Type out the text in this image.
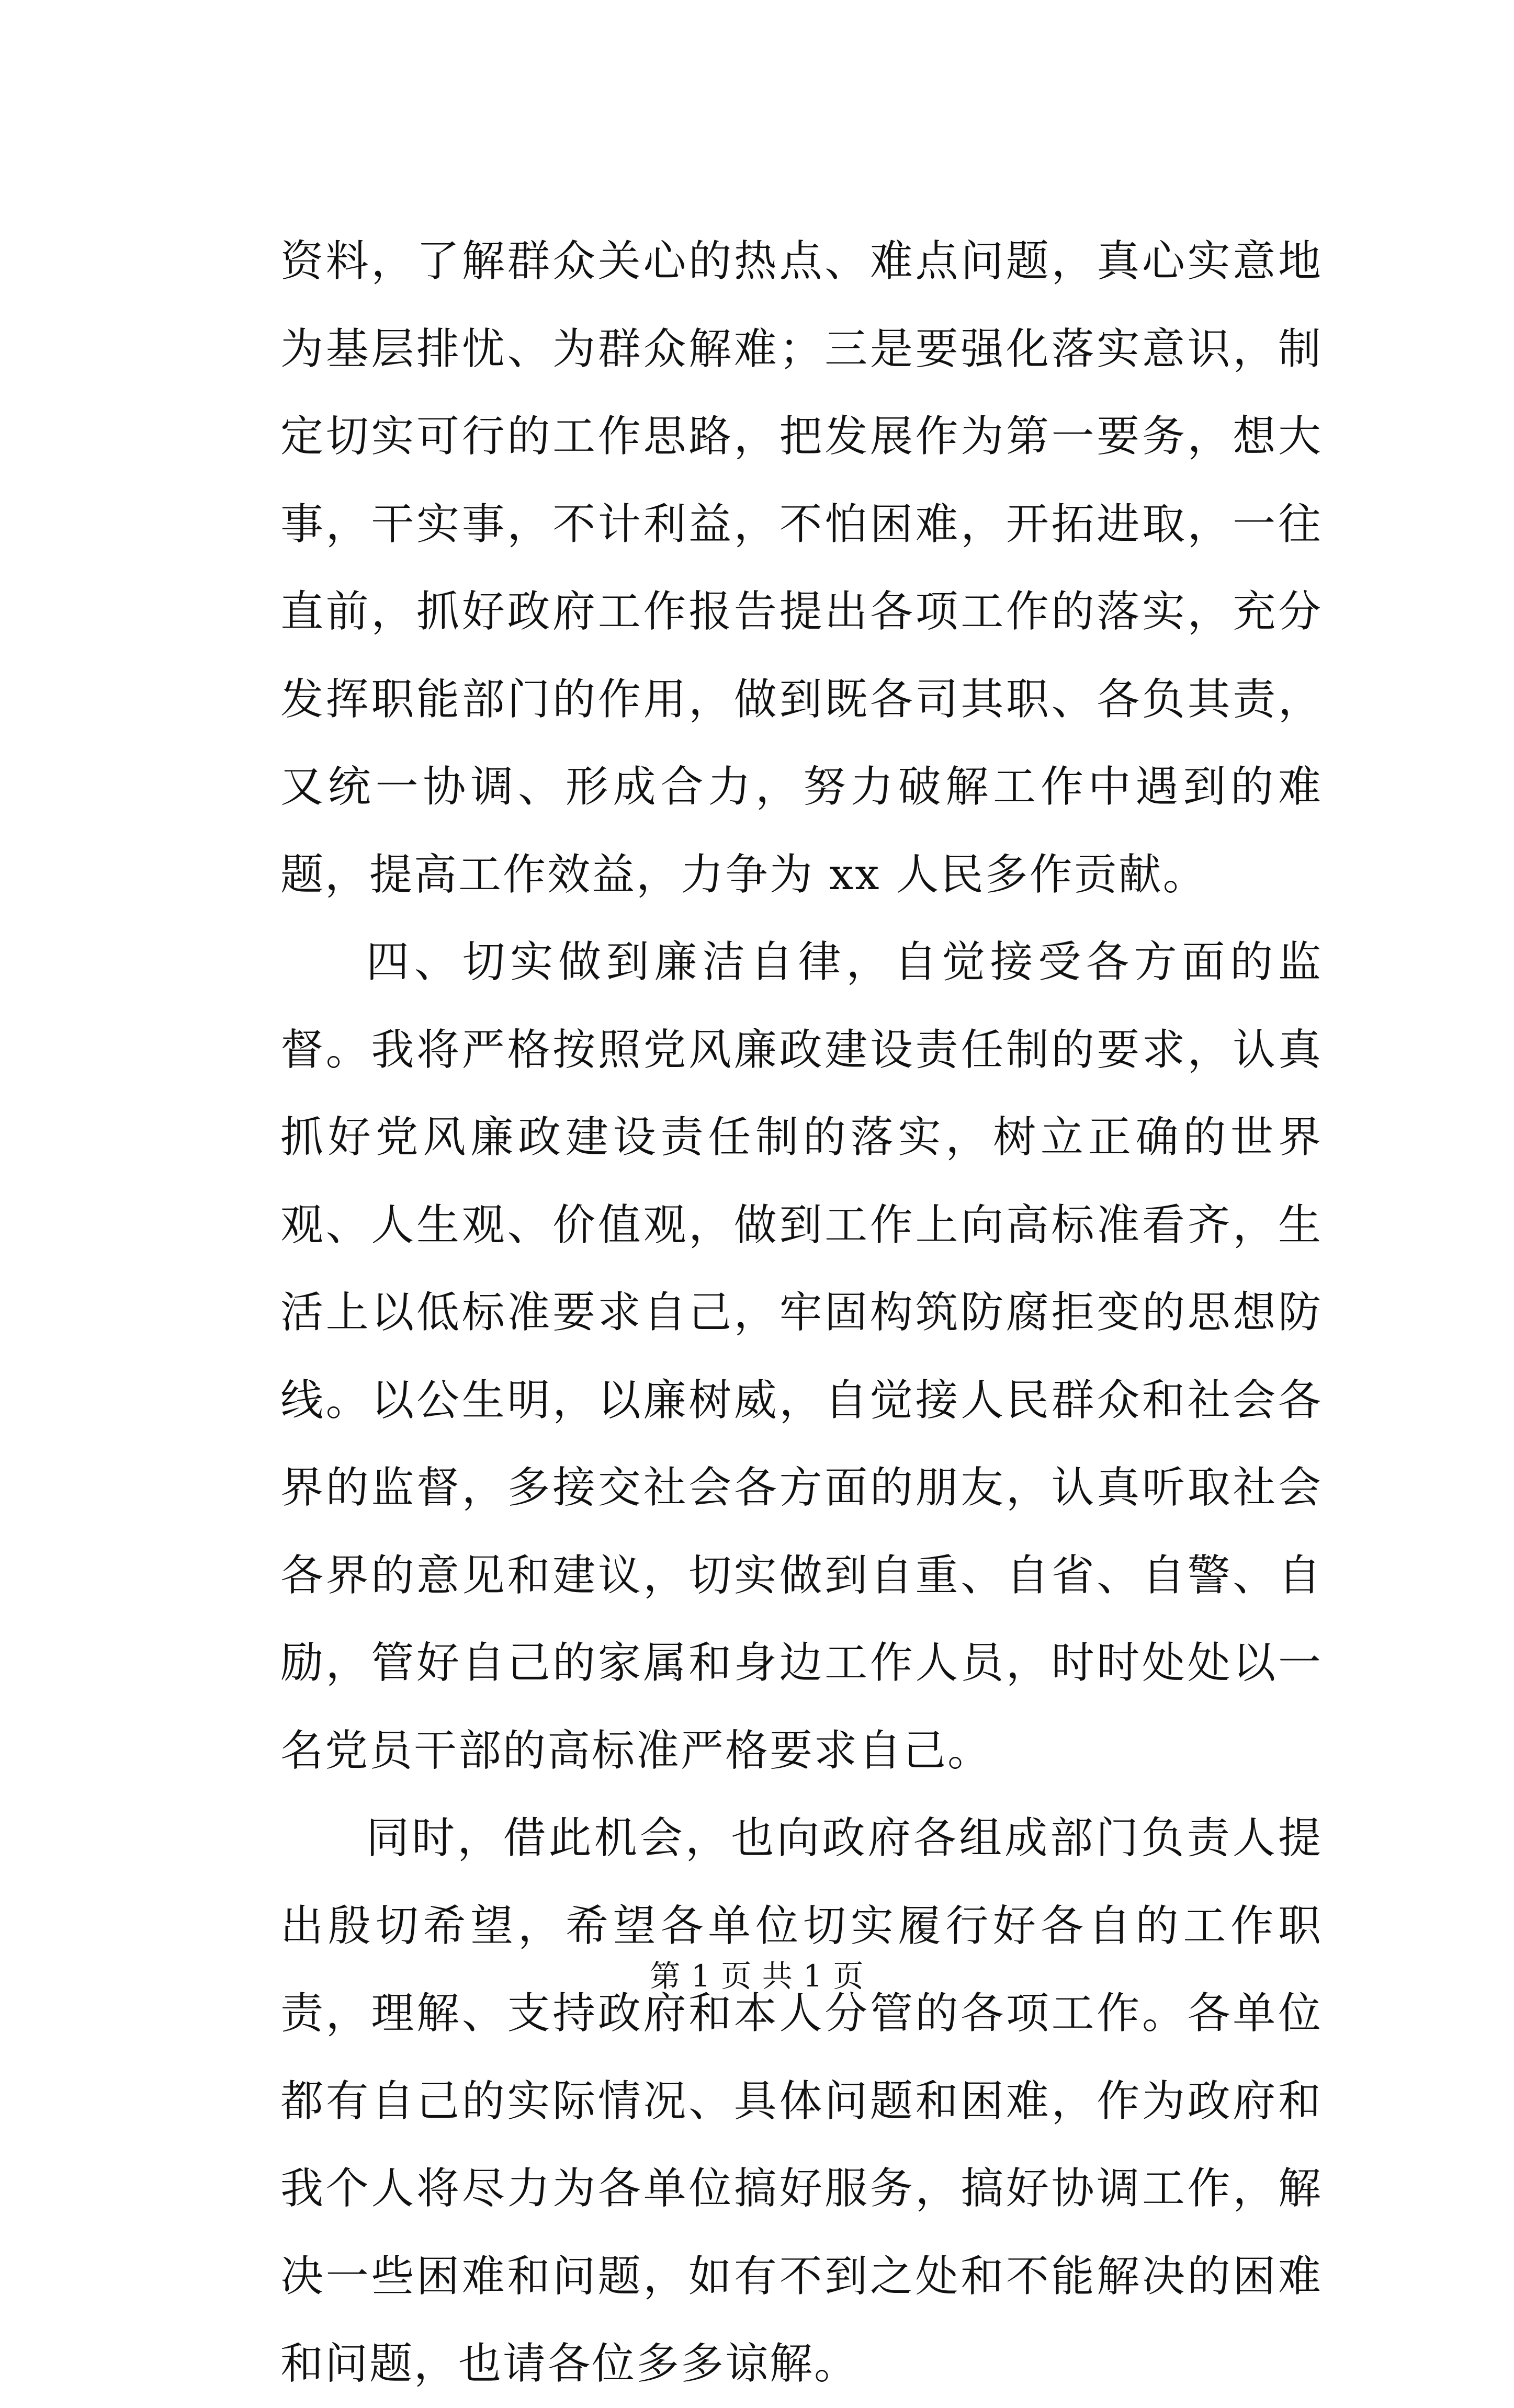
资料，了解群众关心的热点、难点问题，真心实意地为基层排忧、为群众解难；三是要强化落实意识，制定切实可行的工作思路，把发展作为第一要务，想大事，干实事，不计利益，不怕困难，开拓进取，一往直前，抓好政府工作报告提出各项工作的落实，充分发挥职能部门的作用，做到既各司其职、各负其责，又统一协调、形成合力，努力破解工作中遇到的难题，提高工作效益，力争为 xx 人民多作贡献。

四、切实做到廉洁自律，自觉接受各方面的监督。我将严格按照党风廉政建设责任制的要求，认真抓好党风廉政建设责任制的落实，树立正确的世界观、人生观、价值观，做到工作上向高标准看齐，生活上以低标准要求自己，牢固构筑防腐拒变的思想防线。以公生明，以廉树威，自觉接人民群众和社会各界的监督，多接交社会各方面的朋友，认真听取社会各界的意见和建议，切实做到自重、自省、自警、自励，管好自己的家属和身边工作人员，时时处处以一名党员干部的高标准严格要求自己。

同时，借此机会，也向政府各组成部门负责人提出殷切希望，希望各单位切实履行好各自的工作职责，理解、支持政府和本人分管的各项工作。各单位都有自己的实际情况、具体问题和困难，作为政府和我个人将尽力为各单位搞好服务，搞好协调工作，解决一些困难和问题，如有不到之处和不能解决的困难和问题，也请各位多多谅解。

第 1 页 共 1 页
